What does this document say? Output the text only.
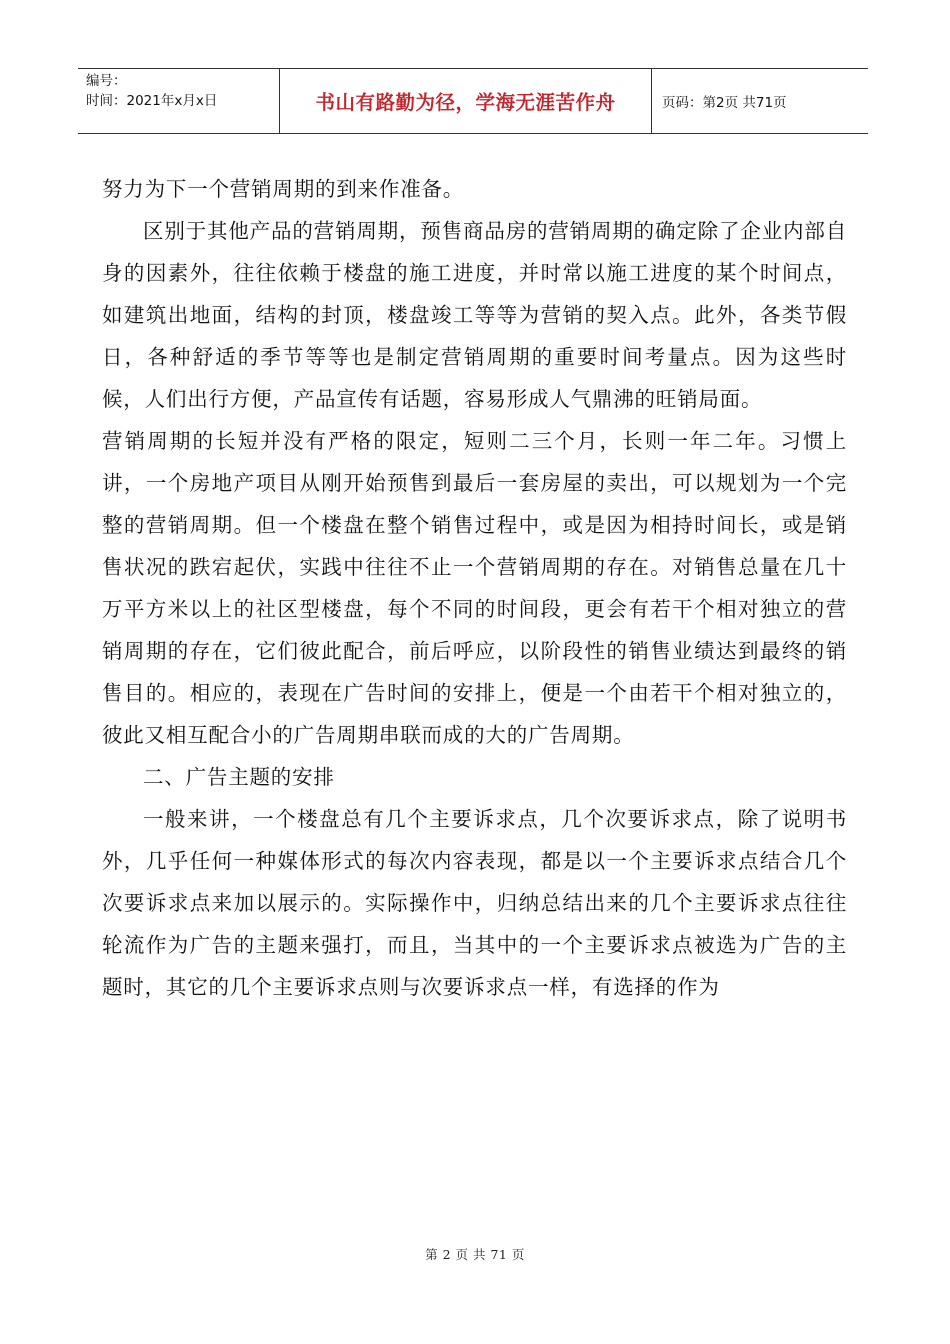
编号：
时间：2021年x月x日	书山有路勤为径，学海无涯苦作舟	页码：第2页 共71页

努力为下一个营销周期的到来作准备。

区别于其他产品的营销周期，预售商品房的营销周期的确定除了企业内部自身的因素外，往往依赖于楼盘的施工进度，并时常以施工进度的某个时间点，如建筑出地面，结构的封顶，楼盘竣工等等为营销的契入点。此外，各类节假日，各种舒适的季节等等也是制定营销周期的重要时间考量点。因为这些时候，人们出行方便，产品宣传有话题，容易形成人气鼎沸的旺销局面。

营销周期的长短并没有严格的限定，短则二三个月，长则一年二年。习惯上讲，一个房地产项目从刚开始预售到最后一套房屋的卖出，可以规划为一个完整的营销周期。但一个楼盘在整个销售过程中，或是因为相持时间长，或是销售状况的跌宕起伏，实践中往往不止一个营销周期的存在。对销售总量在几十万平方米以上的社区型楼盘，每个不同的时间段，更会有若干个相对独立的营销周期的存在，它们彼此配合，前后呼应，以阶段性的销售业绩达到最终的销售目的。相应的，表现在广告时间的安排上，便是一个由若干个相对独立的，彼此又相互配合小的广告周期串联而成的大的广告周期。

二、广告主题的安排

一般来讲，一个楼盘总有几个主要诉求点，几个次要诉求点，除了说明书外，几乎任何一种媒体形式的每次内容表现，都是以一个主要诉求点结合几个次要诉求点来加以展示的。实际操作中，归纳总结出来的几个主要诉求点往往轮流作为广告的主题来强打，而且，当其中的一个主要诉求点被选为广告的主题时，其它的几个主要诉求点则与次要诉求点一样，有选择的作为

第 2 页 共 71 页
